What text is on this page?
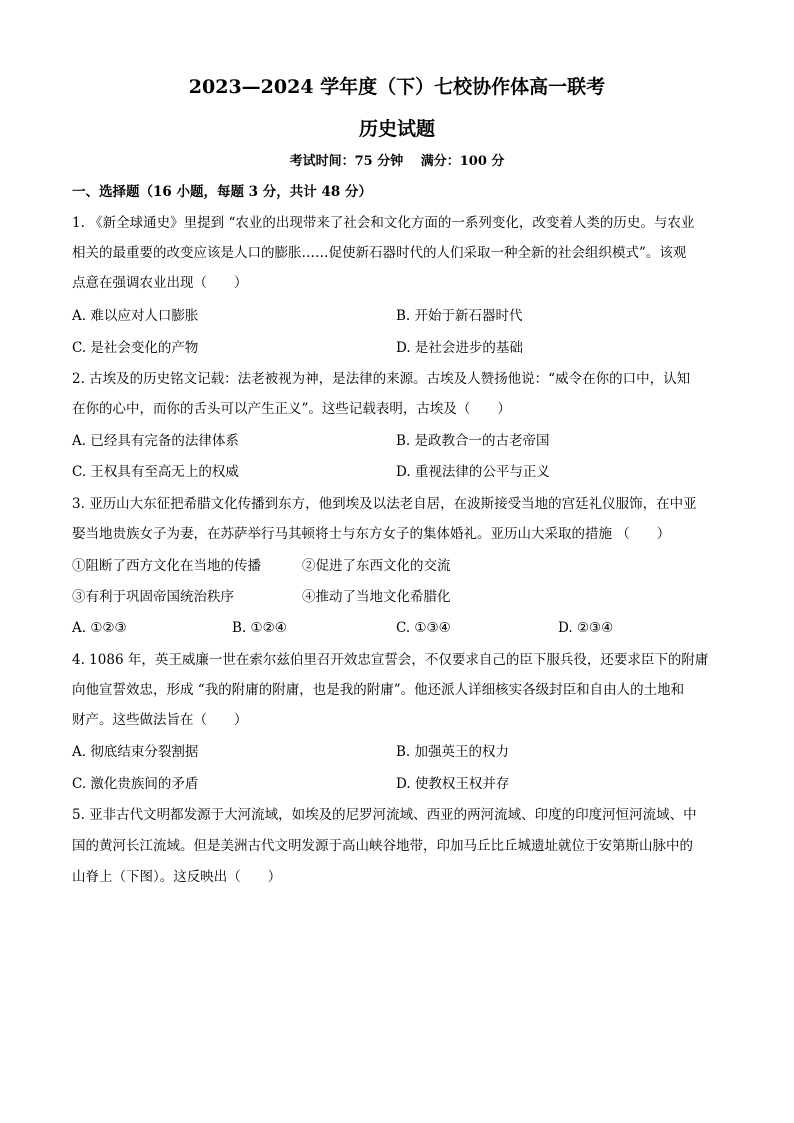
2023—2024 学年度（下）七校协作体高一联考
历史试题
考试时间：75 分钟　 满分：100 分
一、选择题（16 小题，每题 3 分，共计 48 分）
1. 《新全球通史》里提到 “农业的出现带来了社会和文化方面的一系列变化，改变着人类的历史。与农业
相关的最重要的改变应该是人口的膨胀……促使新石器时代的人们采取一种全新的社会组织模式”。该观
点意在强调农业出现（　　）
A. 难以应对人口膨胀	B. 开始于新石器时代
C. 是社会变化的产物	D. 是社会进步的基础
2. 古埃及的历史铭文记载：法老被视为神，是法律的来源。古埃及人赞扬他说：“威令在你的口中，认知
在你的心中，而你的舌头可以产生正义”。这些记载表明，古埃及（　　）
A. 已经具有完备的法律体系	B. 是政教合一的古老帝国
C. 王权具有至高无上的权威	D. 重视法律的公平与正义
3. 亚历山大东征把希腊文化传播到东方，他到埃及以法老自居，在波斯接受当地的宫廷礼仪服饰，在中亚
娶当地贵族女子为妻，在苏萨举行马其顿将士与东方女子的集体婚礼。亚历山大采取的措施 （　　）
①阻断了西方文化在当地的传播	②促进了东西文化的交流
③有利于巩固帝国统治秩序	④推动了当地文化希腊化
A. ①②③	B. ①②④	C. ①③④	D. ②③④
4. 1086 年，英王威廉一世在索尔兹伯里召开效忠宣誓会，不仅要求自己的臣下服兵役，还要求臣下的附庸
向他宣誓效忠，形成 “我的附庸的附庸，也是我的附庸”。他还派人详细核实各级封臣和自由人的土地和
财产。这些做法旨在（　　）
A. 彻底结束分裂割据	B. 加强英王的权力
C. 激化贵族间的矛盾	D. 使教权王权并存
5. 亚非古代文明都发源于大河流域，如埃及的尼罗河流域、西亚的两河流域、印度的印度河恒河流域、中
国的黄河长江流域。但是美洲古代文明发源于高山峡谷地带，印加马丘比丘城遗址就位于安第斯山脉中的
山脊上（下图）。这反映出（　　）
